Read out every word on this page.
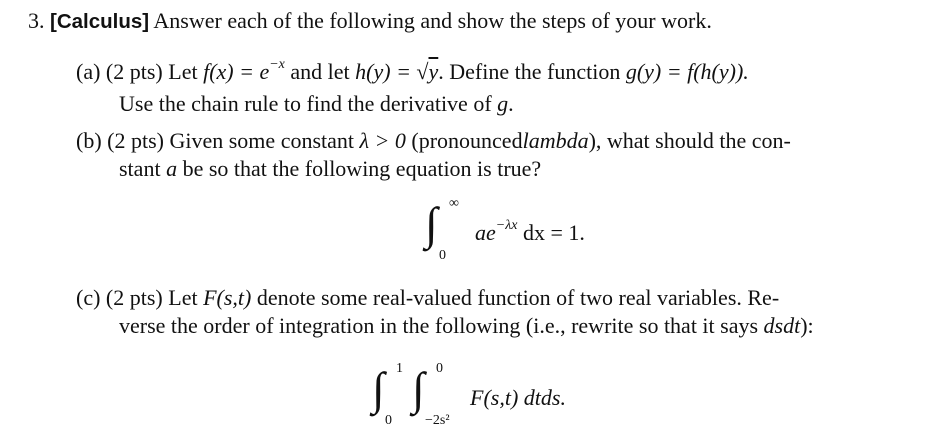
3. [Calculus] Answer each of the following and show the steps of your work.
(a) (2 pts) Let $f(x) = e^{-x}$ and let h(y) = √y. Define the function g(y) = f(h(y)).
Use the chain rule to find the derivative of g.
(b) (2 pts) Given some constant λ > 0 (pronouncedlambda), what should the con-
stant a be so that the following equation is true?
∫ ∞
0
$ae^{-\lambda x}$ dx = 1.
(c) (2 pts) Let F(s,t) denote some real-valued function of two real variables. Re-
verse the order of integration in the following (i.e., rewrite so that it says dsdt):
∫ 1
0
∫ 0
−2s²
F(s,t) dtds.
